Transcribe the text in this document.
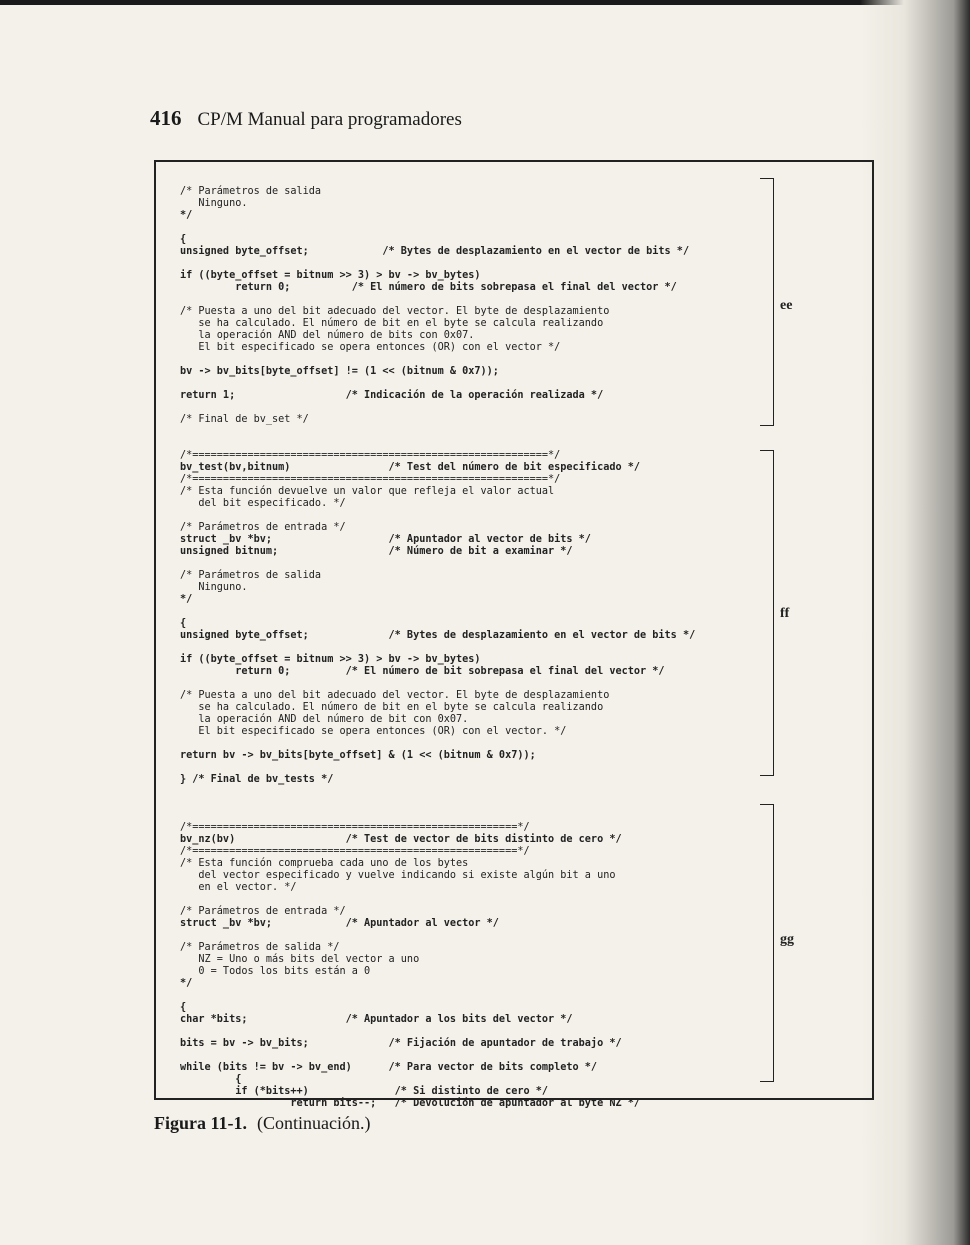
416 CP/M Manual para programadores
/* Parámetros de salida
Ninguno.
*/
{
unsigned byte_offset;            /* Bytes de desplazamiento en el vector de bits */
if ((byte_offset = bitnum >> 3) > bv -> bv_bytes)
return 0;          /* El número de bits sobrepasa el final del vector */
/* Puesta a uno del bit adecuado del vector. El byte de desplazamiento
se ha calculado. El número de bit en el byte se calcula realizando
la operación AND del número de bits con 0x07.
El bit especificado se opera entonces (OR) con el vector */
bv -> bv_bits[byte_offset] != (1 << (bitnum & 0x7));
return 1;                  /* Indicación de la operación realizada */
/* Final de bv_set */
/*==========================================================*/
bv_test(bv,bitnum)                /* Test del número de bit especificado */
/*==========================================================*/
/* Esta función devuelve un valor que refleja el valor actual
del bit especificado. */
/* Parámetros de entrada */
struct _bv *bv;                   /* Apuntador al vector de bits */
unsigned bitnum;                  /* Número de bit a examinar */
/* Parámetros de salida
Ninguno.
*/
{
unsigned byte_offset;             /* Bytes de desplazamiento en el vector de bits */
if ((byte_offset = bitnum >> 3) > bv -> bv_bytes)
return 0;         /* El número de bit sobrepasa el final del vector */
/* Puesta a uno del bit adecuado del vector. El byte de desplazamiento
se ha calculado. El número de bit en el byte se calcula realizando
la operación AND del número de bit con 0x07.
El bit especificado se opera entonces (OR) con el vector. */
return bv -> bv_bits[byte_offset] & (1 << (bitnum & 0x7));
} /* Final de bv_tests */
/*=====================================================*/
bv_nz(bv)                  /* Test de vector de bits distinto de cero */
/*=====================================================*/
/* Esta función comprueba cada uno de los bytes
del vector especificado y vuelve indicando si existe algún bit a uno
en el vector. */
/* Parámetros de entrada */
struct _bv *bv;            /* Apuntador al vector */
/* Parámetros de salida */
NZ = Uno o más bits del vector a uno
0 = Todos los bits están a 0
*/
{
char *bits;                /* Apuntador a los bits del vector */
bits = bv -> bv_bits;             /* Fijación de apuntador de trabajo */
while (bits != bv -> bv_end)      /* Para vector de bits completo */
{
if (*bits++)              /* Si distinto de cero */
return bits--;   /* Devolución de apuntador al byte NZ */
ee
ff
gg
Figura 11-1. (Continuación.)
